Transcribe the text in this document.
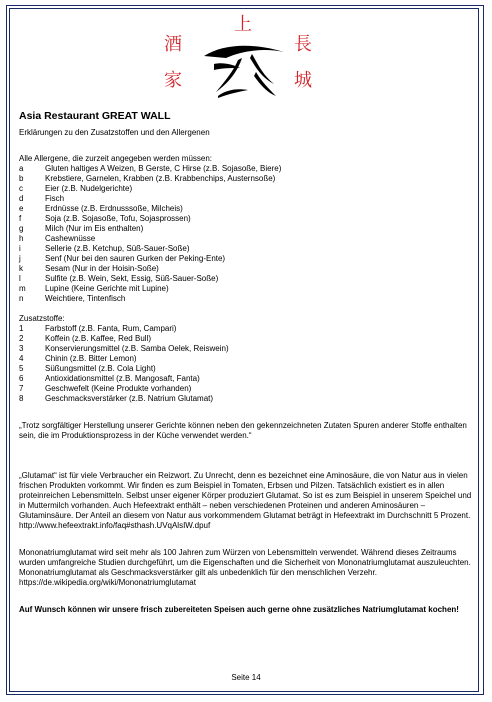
上
酒	長
家	城
Asia Restaurant GREAT WALL
Erklärungen zu den Zusatzstoffen und den Allergenen
Alle Allergene, die zurzeit angegeben werden müssen:
a	Gluten haltiges A Weizen, B Gerste, C Hirse (z.B. Sojasoße, Biere)
b	Krebstiere, Garnelen, Krabben (z.B. Krabbenchips, Austernsoße)
c	Eier (z.B. Nudelgerichte)
d	Fisch
e	Erdnüsse (z.B. Erdnusssoße, Milcheis)
f	Soja (z.B. Sojasoße, Tofu, Sojasprossen)
g	Milch (Nur im Eis enthalten)
h	Cashewnüsse
i	Sellerie (z.B. Ketchup, Süß-Sauer-Soße)
j	Senf (Nur bei den sauren Gurken der Peking-Ente)
k	Sesam (Nur in der Hoisin-Soße)
l	Sulfite (z.B. Wein, Sekt, Essig, Süß-Sauer-Soße)
m	Lupine (Keine Gerichte mit Lupine)
n	Weichtiere, Tintenfisch
Zusatzstoffe:
1	Farbstoff (z.B. Fanta, Rum, Campari)
2	Koffein (z.B. Kaffee, Red Bull)
3	Konservierungsmittel (z.B. Samba Oelek, Reiswein)
4	Chinin (z.B. Bitter Lemon)
5	Süßungsmittel (z.B. Cola Light)
6	Antioxidationsmittel (z.B. Mangosaft, Fanta)
7	Geschwefelt (Keine Produkte vorhanden)
8	Geschmacksverstärker (z.B. Natrium Glutamat)

„Trotz sorgfältiger Herstellung unserer Gerichte können neben den gekennzeichneten Zutaten Spuren anderer Stoffe enthalten sein, die im Produktionsprozess in der Küche verwendet werden.“

„Glutamat“ ist für viele Verbraucher ein Reizwort. Zu Unrecht, denn es bezeichnet eine Aminosäure, die von Natur aus in vielen frischen Produkten vorkommt. Wir finden es zum Beispiel in Tomaten, Erbsen und Pilzen. Tatsächlich existiert es in allen proteinreichen Lebensmitteln. Selbst unser eigener Körper produziert Glutamat. So ist es zum Beispiel in unserem Speichel und in Muttermilch vorhanden. Auch Hefeextrakt enthält – neben verschiedenen Proteinen und anderen Aminosäuren – Glutaminsäure. Der Anteil an diesem von Natur aus vorkommendem Glutamat beträgt in Hefeextrakt im Durchschnitt 5 Prozent.

http://www.hefeextrakt.info/faq#sthash.UVqAlsIW.dpuf

Mononatriumglutamat wird seit mehr als 100 Jahren zum Würzen von Lebensmitteln verwendet. Während dieses Zeitraums wurden umfangreiche Studien durchgeführt, um die Eigenschaften und die Sicherheit von Mononatriumglutamat auszuleuchten. Mononatriumglutamat als Geschmacksverstärker gilt als unbedenklich für den menschlichen Verzehr.

https://de.wikipedia.org/wiki/Mononatriumglutamat

Auf Wunsch können wir unsere frisch zubereiteten Speisen auch gerne ohne zusätzliches Natriumglutamat kochen!

Seite 14
